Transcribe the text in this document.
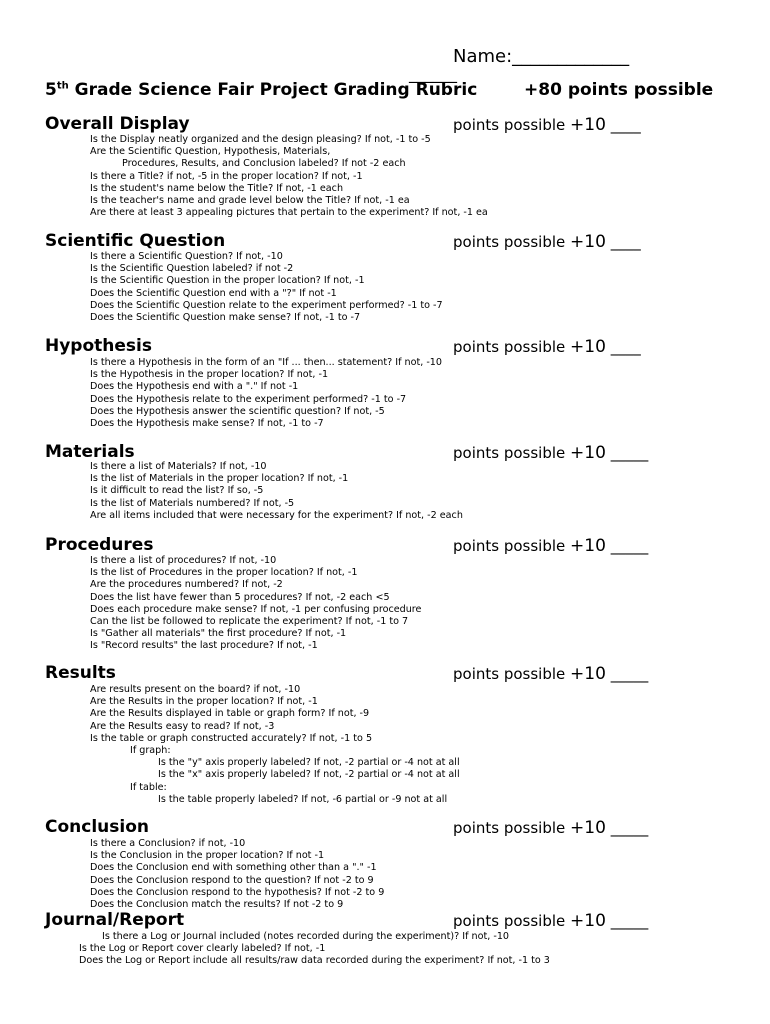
Name:_____________
______
5th Grade Science Fair Project Grading Rubric	+80 points possible
Overall Display	points possible +10 ____
Is the Display neatly organized and the design pleasing? If not, -1 to -5
Are the Scientific Question, Hypothesis, Materials,
Procedures, Results, and Conclusion labeled? If not -2 each
Is there a Title? if not, -5 in the proper location? If not, -1
Is the student's name below the Title? If not, -1 each
Is the teacher's name and grade level below the Title? If not, -1 ea
Are there at least 3 appealing pictures that pertain to the experiment? If not, -1 ea
Scientific Question	points possible +10 ____
Is there a Scientific Question? If not, -10
Is the Scientific Question labeled? if not -2
Is the Scientific Question in the proper location? If not, -1
Does the Scientific Question end with a "?" If not -1
Does the Scientific Question relate to the experiment performed? -1 to -7
Does the Scientific Question make sense? If not, -1 to -7
Hypothesis	points possible +10 ____
Is there a Hypothesis in the form of an "If ... then... statement? If not, -10
Is the Hypothesis in the proper location? If not, -1
Does the Hypothesis end with a "." If not -1
Does the Hypothesis relate to the experiment performed? -1 to -7
Does the Hypothesis answer the scientific question? If not, -5
Does the Hypothesis make sense? If not, -1 to -7
Materials	points possible +10 _____
Is there a list of Materials? If not, -10
Is the list of Materials in the proper location? If not, -1
Is it difficult to read the list? If so, -5
Is the list of Materials numbered? If not, -5
Are all items included that were necessary for the experiment? If not, -2 each
Procedures	points possible +10 _____
Is there a list of procedures? If not, -10
Is the list of Procedures in the proper location? If not, -1
Are the procedures numbered? If not, -2
Does the list have fewer than 5 procedures? If not, -2 each <5
Does each procedure make sense? If not, -1 per confusing procedure
Can the list be followed to replicate the experiment? If not, -1 to 7
Is "Gather all materials" the first procedure? If not, -1
Is "Record results" the last procedure? If not, -1
Results	points possible +10 _____
Are results present on the board? if not, -10
Are the Results in the proper location? If not, -1
Are the Results displayed in table or graph form? If not, -9
Are the Results easy to read? If not, -3
Is the table or graph constructed accurately? If not, -1 to 5
If graph:
Is the "y" axis properly labeled? If not, -2 partial or -4 not at all
Is the "x" axis properly labeled? If not, -2 partial or -4 not at all
If table:
Is the table properly labeled? If not, -6 partial or -9 not at all
Conclusion	points possible +10 _____
Is there a Conclusion? if not, -10
Is the Conclusion in the proper location? If not -1
Does the Conclusion end with something other than a "." -1
Does the Conclusion respond to the question? If not -2 to 9
Does the Conclusion respond to the hypothesis? If not -2 to 9
Does the Conclusion match the results? If not -2 to 9
Journal/Report	points possible +10 _____
Is there a Log or Journal included (notes recorded during the experiment)? If not, -10
Is the Log or Report cover clearly labeled? If not, -1
Does the Log or Report include all results/raw data recorded during the experiment? If not, -1 to 3
